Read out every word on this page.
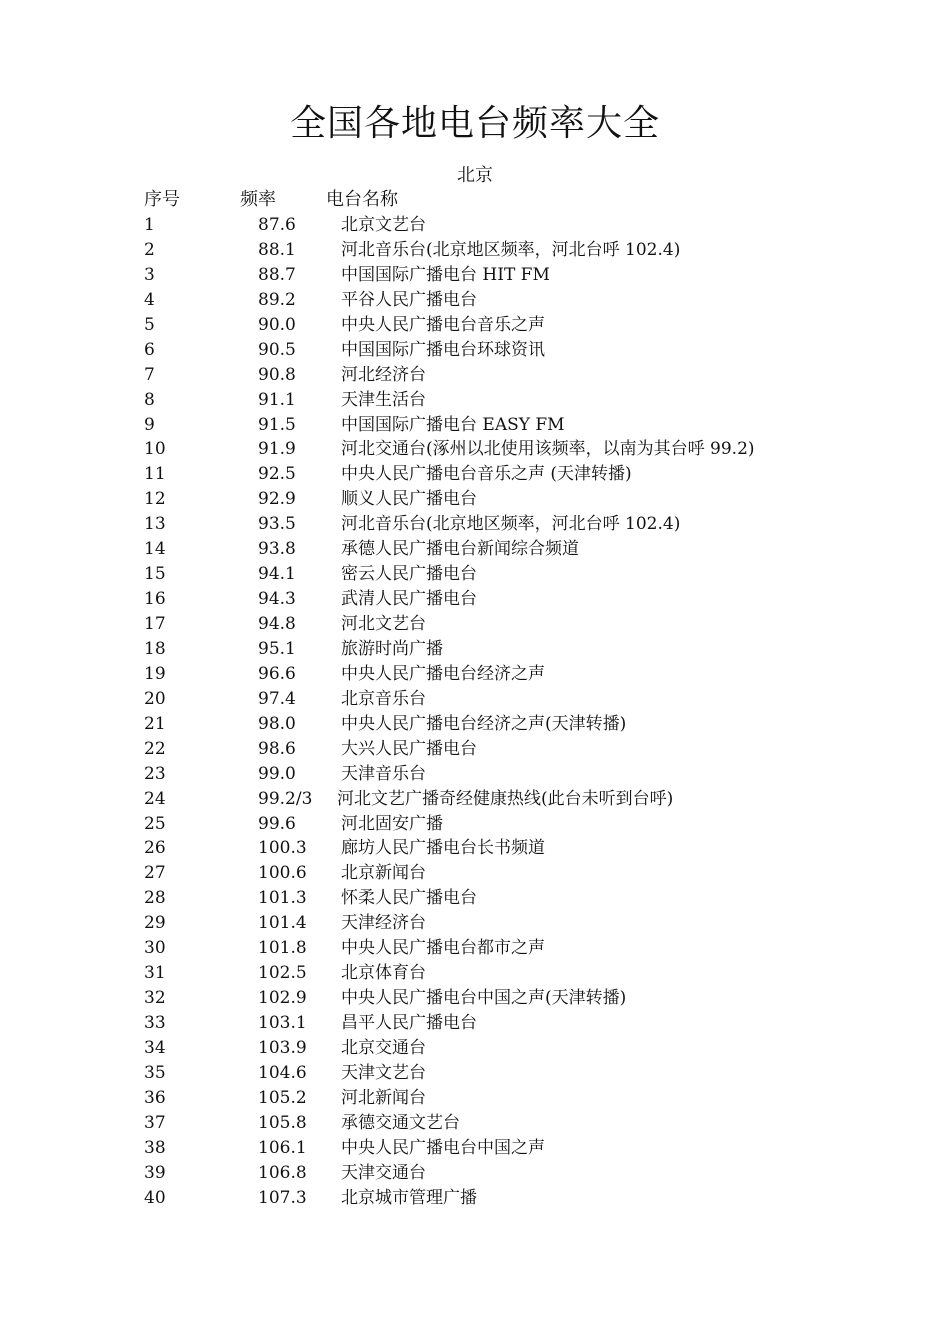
全国各地电台频率大全
北京
序号	频率	电台名称
1	87.6	北京文艺台
2	88.1	河北音乐台(北京地区频率，河北台呼 102.4)
3	88.7	中国国际广播电台 HIT FM
4	89.2	平谷人民广播电台
5	90.0	中央人民广播电台音乐之声
6	90.5	中国国际广播电台环球资讯
7	90.8	河北经济台
8	91.1	天津生活台
9	91.5	中国国际广播电台 EASY FM
10	91.9	河北交通台(涿州以北使用该频率，以南为其台呼 99.2)
11	92.5	中央人民广播电台音乐之声 (天津转播)
12	92.9	顺义人民广播电台
13	93.5	河北音乐台(北京地区频率，河北台呼 102.4)
14	93.8	承德人民广播电台新闻综合频道
15	94.1	密云人民广播电台
16	94.3	武清人民广播电台
17	94.8	河北文艺台
18	95.1	旅游时尚广播
19	96.6	中央人民广播电台经济之声
20	97.4	北京音乐台
21	98.0	中央人民广播电台经济之声(天津转播)
22	98.6	大兴人民广播电台
23	99.0	天津音乐台
24	99.2/3 河北文艺广播奇经健康热线(此台未听到台呼)
25	99.6	河北固安广播
26	100.3 廊坊人民广播电台长书频道
27	100.6 北京新闻台
28	101.3 怀柔人民广播电台
29	101.4 天津经济台
30	101.8 中央人民广播电台都市之声
31	102.5 北京体育台
32	102.9 中央人民广播电台中国之声(天津转播)
33	103.1 昌平人民广播电台
34	103.9 北京交通台
35	104.6 天津文艺台
36	105.2 河北新闻台
37	105.8 承德交通文艺台
38	106.1 中央人民广播电台中国之声
39	106.8 天津交通台
40	107.3 北京城市管理广播
